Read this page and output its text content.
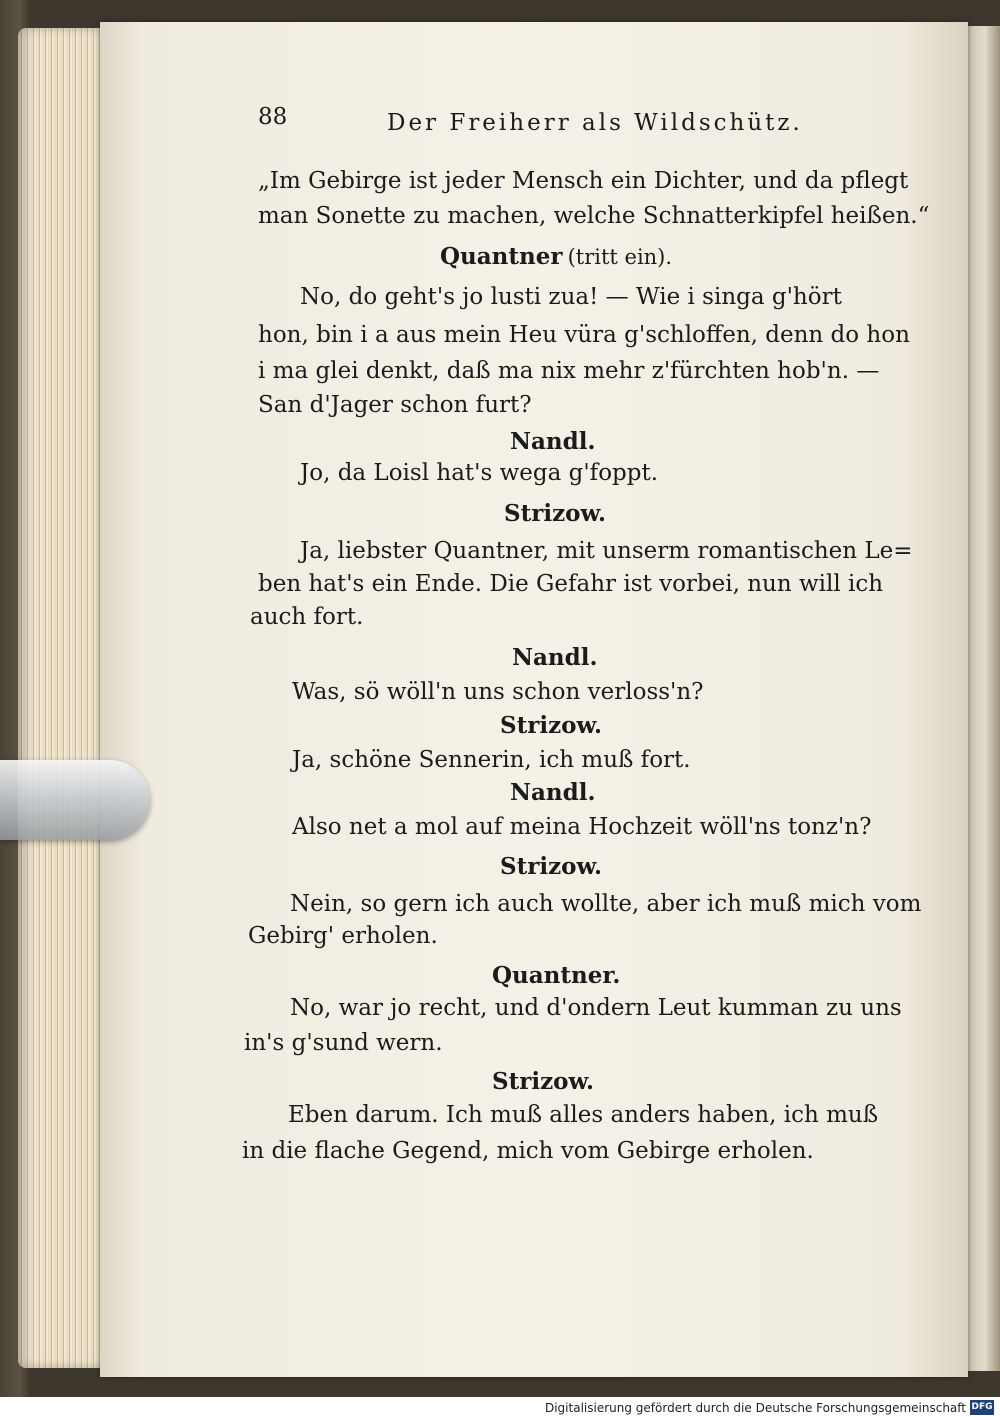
88	Der Freiherr als Wildschütz.
„Im Gebirge ist jeder Mensch ein Dichter, und da pflegt
man Sonette zu machen, welche Schnatterkipfel heißen.“
Quantner (tritt ein).
No, do geht's jo lusti zua! — Wie i singa g'hört
hon, bin i a aus mein Heu vüra g'schloffen, denn do hon
i ma glei denkt, daß ma nix mehr z'fürchten hob'n. —
San d'Jager schon furt?
Nandl.
Jo, da Loisl hat's wega g'foppt.
Strizow.
Ja, liebster Quantner, mit unserm romantischen Le=
ben hat's ein Ende. Die Gefahr ist vorbei, nun will ich
auch fort.
Nandl.
Was, sö wöll'n uns schon verloss'n?
Strizow.
Ja, schöne Sennerin, ich muß fort.
Nandl.
Also net a mol auf meina Hochzeit wöll'ns tonz'n?
Strizow.
Nein, so gern ich auch wollte, aber ich muß mich vom
Gebirg' erholen.
Quantner.
No, war jo recht, und d'ondern Leut kumman zu uns
in's g'sund wern.
Strizow.
Eben darum. Ich muß alles anders haben, ich muß
in die flache Gegend, mich vom Gebirge erholen.
Digitalisierung gefördert durch die Deutsche Forschungsgemeinschaft DFG
